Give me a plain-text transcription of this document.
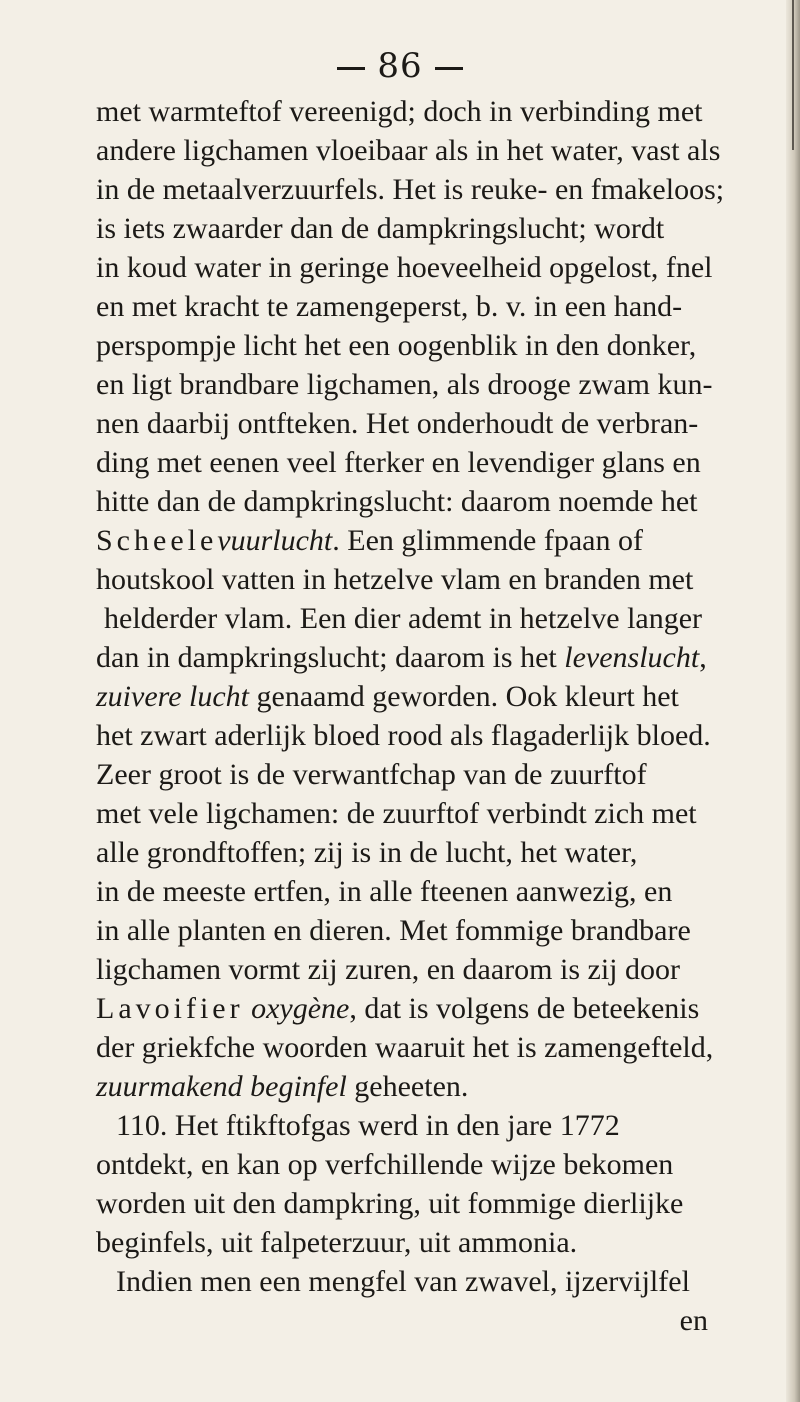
86
met warmteftof vereenigd; doch in verbinding met
andere ligchamen vloeibaar als in het water, vast als
in de metaalverzuurfels. Het is reuke- en fmakeloos;
is iets zwaarder dan de dampkringslucht; wordt
in koud water in geringe hoeveelheid opgelost, fnel
en met kracht te zamengeperst, b. v. in een hand-
perspompje licht het een oogenblik in den donker,
en ligt brandbare ligchamen, als drooge zwam kun-
nen daarbij ontfteken. Het onderhoudt de verbran-
ding met eenen veel fterker en levendiger glans en
hitte dan de dampkringslucht: daarom noemde het
Scheele vuurlucht . Een glimmende fpaan of
houtskool vatten in hetzelve vlam en branden met
helderder vlam. Een dier ademt in hetzelve langer
dan in dampkringslucht; daarom is het levenslucht ,
zuivere lucht genaamd geworden. Ook kleurt het
het zwart aderlijk bloed rood als flagaderlijk bloed.
Zeer groot is de verwantfchap van de zuurftof
met vele ligchamen: de zuurftof verbindt zich met
alle grondftoffen; zij is in de lucht, het water,
in de meeste ertfen, in alle fteenen aanwezig, en
in alle planten en dieren. Met fommige brandbare
ligchamen vormt zij zuren, en daarom is zij door
Lavoifier oxygène , dat is volgens de beteekenis
der griekfche woorden waaruit het is zamengefteld,
zuurmakend beginfel geheeten.
110. Het ftikftofgas werd in den jare 1772
ontdekt, en kan op verfchillende wijze bekomen
worden uit den dampkring, uit fommige dierlijke
beginfels, uit falpeterzuur, uit ammonia.
Indien men een mengfel van zwavel, ijzervijlfel
en
